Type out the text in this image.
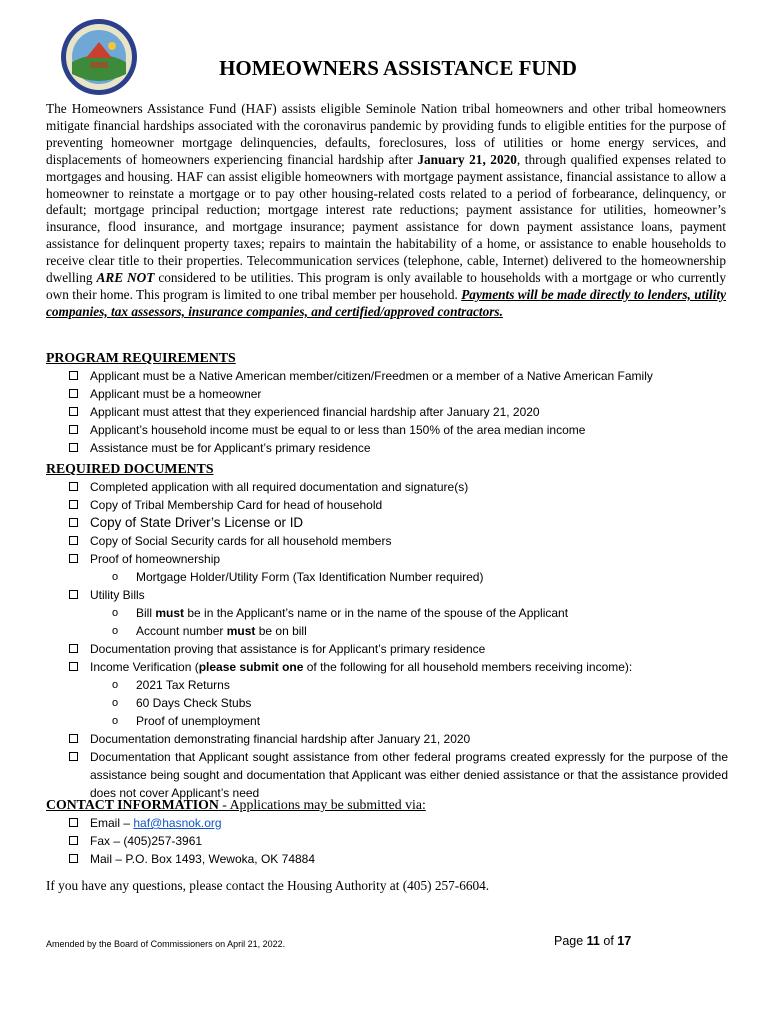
HOMEOWNERS ASSISTANCE FUND
The Homeowners Assistance Fund (HAF) assists eligible Seminole Nation tribal homeowners and other tribal homeowners mitigate financial hardships associated with the coronavirus pandemic by providing funds to eligible entities for the purpose of preventing homeowner mortgage delinquencies, defaults, foreclosures, loss of utilities or home energy services, and displacements of homeowners experiencing financial hardship after January 21, 2020, through qualified expenses related to mortgages and housing. HAF can assist eligible homeowners with mortgage payment assistance, financial assistance to allow a homeowner to reinstate a mortgage or to pay other housing-related costs related to a period of forbearance, delinquency, or default; mortgage principal reduction; mortgage interest rate reductions; payment assistance for utilities, homeowner’s insurance, flood insurance, and mortgage insurance; payment assistance for down payment assistance loans, payment assistance for delinquent property taxes; repairs to maintain the habitability of a home, or assistance to enable households to receive clear title to their properties. Telecommunication services (telephone, cable, Internet) delivered to the homeownership dwelling ARE NOT considered to be utilities. This program is only available to households with a mortgage or who currently own their home. This program is limited to one tribal member per household. Payments will be made directly to lenders, utility companies, tax assessors, insurance companies, and certified/approved contractors.
PROGRAM REQUIREMENTS
Applicant must be a Native American member/citizen/Freedmen or a member of a Native American Family
Applicant must be a homeowner
Applicant must attest that they experienced financial hardship after January 21, 2020
Applicant’s household income must be equal to or less than 150% of the area median income
Assistance must be for Applicant’s primary residence
REQUIRED DOCUMENTS
Completed application with all required documentation and signature(s)
Copy of Tribal Membership Card for head of household
Copy of State Driver’s License or ID
Copy of Social Security cards for all household members
Proof of homeownership
o Mortgage Holder/Utility Form (Tax Identification Number required)
Utility Bills
o Bill must be in the Applicant’s name or in the name of the spouse of the Applicant
o Account number must be on bill
Documentation proving that assistance is for Applicant’s primary residence
Income Verification (please submit one of the following for all household members receiving income):
o 2021 Tax Returns
o 60 Days Check Stubs
o Proof of unemployment
Documentation demonstrating financial hardship after January 21, 2020
Documentation that Applicant sought assistance from other federal programs created expressly for the purpose of the assistance being sought and documentation that Applicant was either denied assistance or that the assistance provided does not cover Applicant’s need
CONTACT INFORMATION - Applications may be submitted via:
Email – haf@hasnok.org
Fax – (405)257-3961
Mail – P.O. Box 1493, Wewoka, OK 74884
If you have any questions, please contact the Housing Authority at (405) 257-6604.
Amended by the Board of Commissioners on April 21, 2022.	Page 11 of 17
